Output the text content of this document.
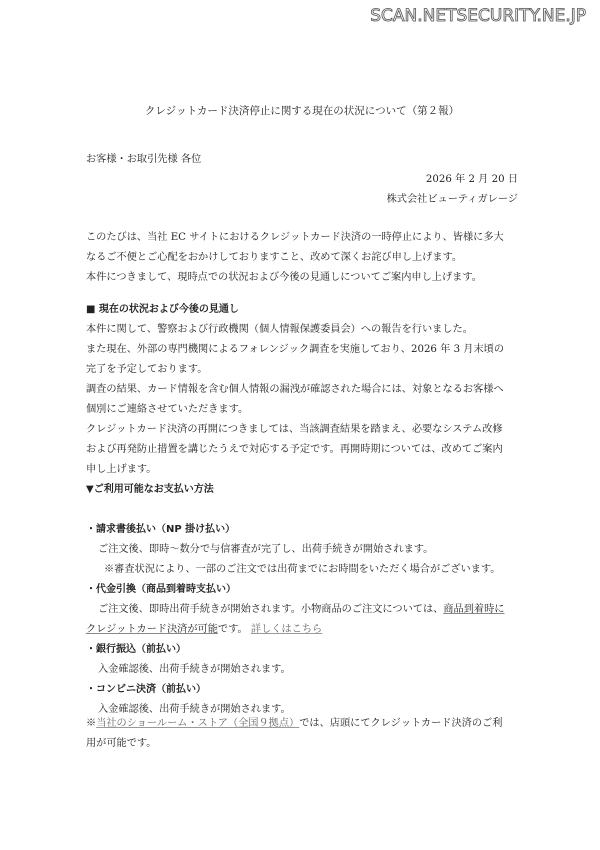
SCAN.NETSECURITY.NE.JP
クレジットカード決済停止に関する現在の状況について（第２報）
お客様・お取引先様 各位
2026 年 2 月 20 日
株式会社ビューティガレージ

このたびは、当社 EC サイトにおけるクレジットカード決済の一時停止により、皆様に多大

なるご不便とご心配をおかけしておりますこと、改めて深くお詫び申し上げます。

本件につきまして、現時点での状況および今後の見通しについてご案内申し上げます。

■ 現在の状況および今後の見通し

本件に関して、警察および行政機関（個人情報保護委員会）への報告を行いました。

また現在、外部の専門機関によるフォレンジック調査を実施しており、2026 年 3 月末頃の

完了を予定しております。

調査の結果、カード情報を含む個人情報の漏洩が確認された場合には、対象となるお客様へ

個別にご連絡させていただきます。

クレジットカード決済の再開につきましては、当該調査結果を踏まえ、必要なシステム改修

および再発防止措置を講じたうえで対応する予定です。再開時期については、改めてご案内

申し上げます。

▼ご利用可能なお支払い方法

・請求書後払い（NP 掛け払い）

ご注文後、即時～数分で与信審査が完了し、出荷手続きが開始されます。

※審査状況により、一部のご注文では出荷までにお時間をいただく場合がございます。

・代金引換（商品到着時支払い）

ご注文後、即時出荷手続きが開始されます。小物商品のご注文については、商品到着時に

クレジットカード決済が可能です。 詳しくはこちら

・銀行振込（前払い）

入金確認後、出荷手続きが開始されます。

・コンビニ決済（前払い）

入金確認後、出荷手続きが開始されます。

※当社のショールーム・ストア（全国９拠点）では、店頭にてクレジットカード決済のご利

用が可能です。
